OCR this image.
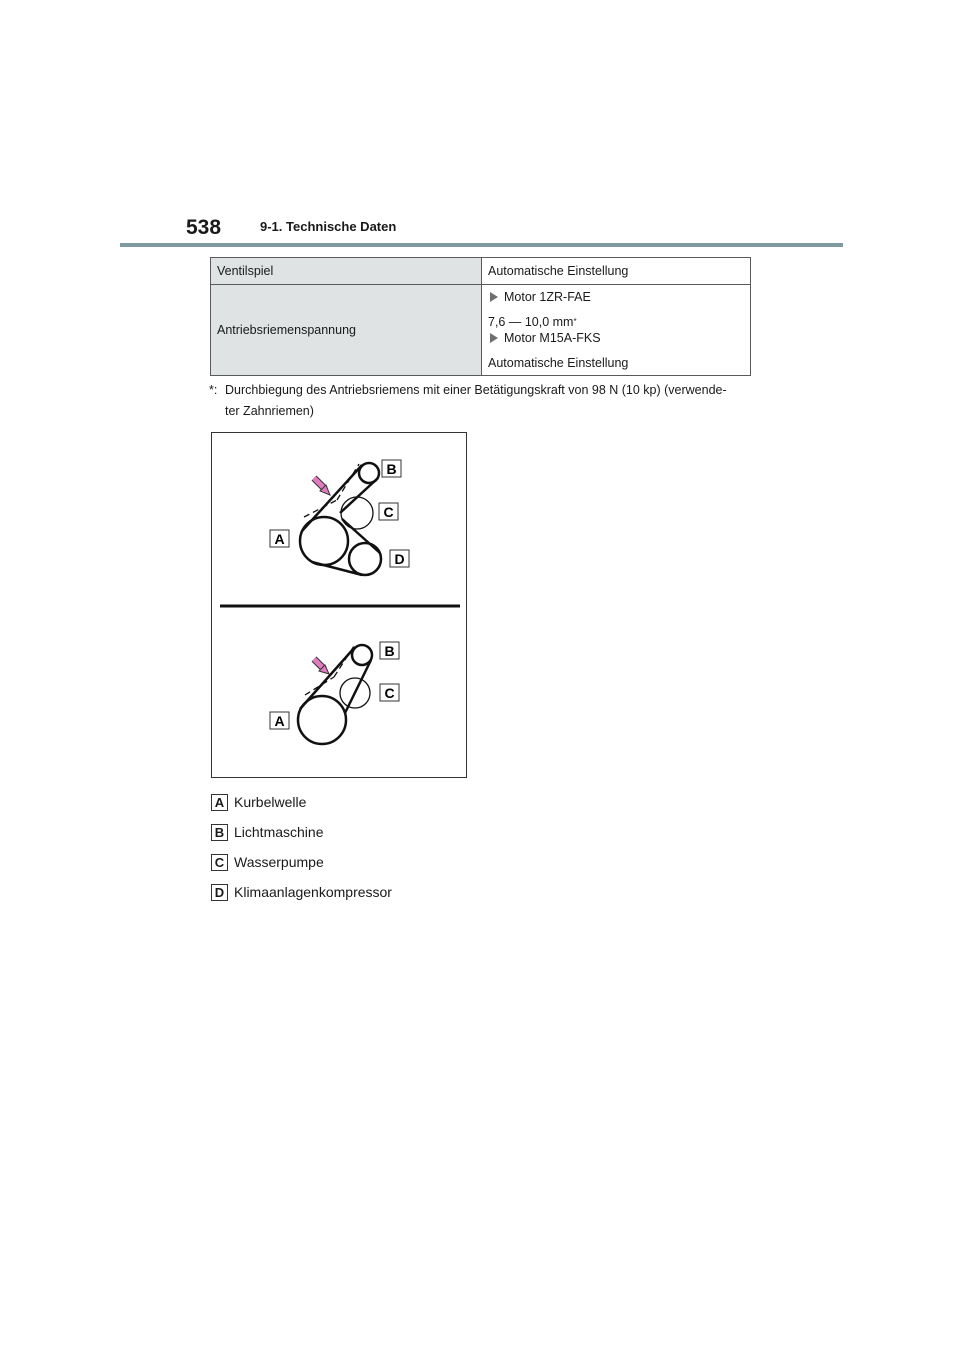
538	9-1. Technische Daten
Ventilspiel	Automatische Einstellung
Antriebsriemenspannung	Motor 1ZR-FAE
7,6 — 10,0 mm *
Motor M15A-FKS
Automatische Einstellung
*: Durchbiegung des Antriebsriemens mit einer Betätigungskraft von 98 N (10 kp) (verwende-
ter Zahnriemen)
A
B
C
D
A
B
C
A Kurbelwelle
B Lichtmaschine
C Wasserpumpe
D Klimaanlagenkompressor
